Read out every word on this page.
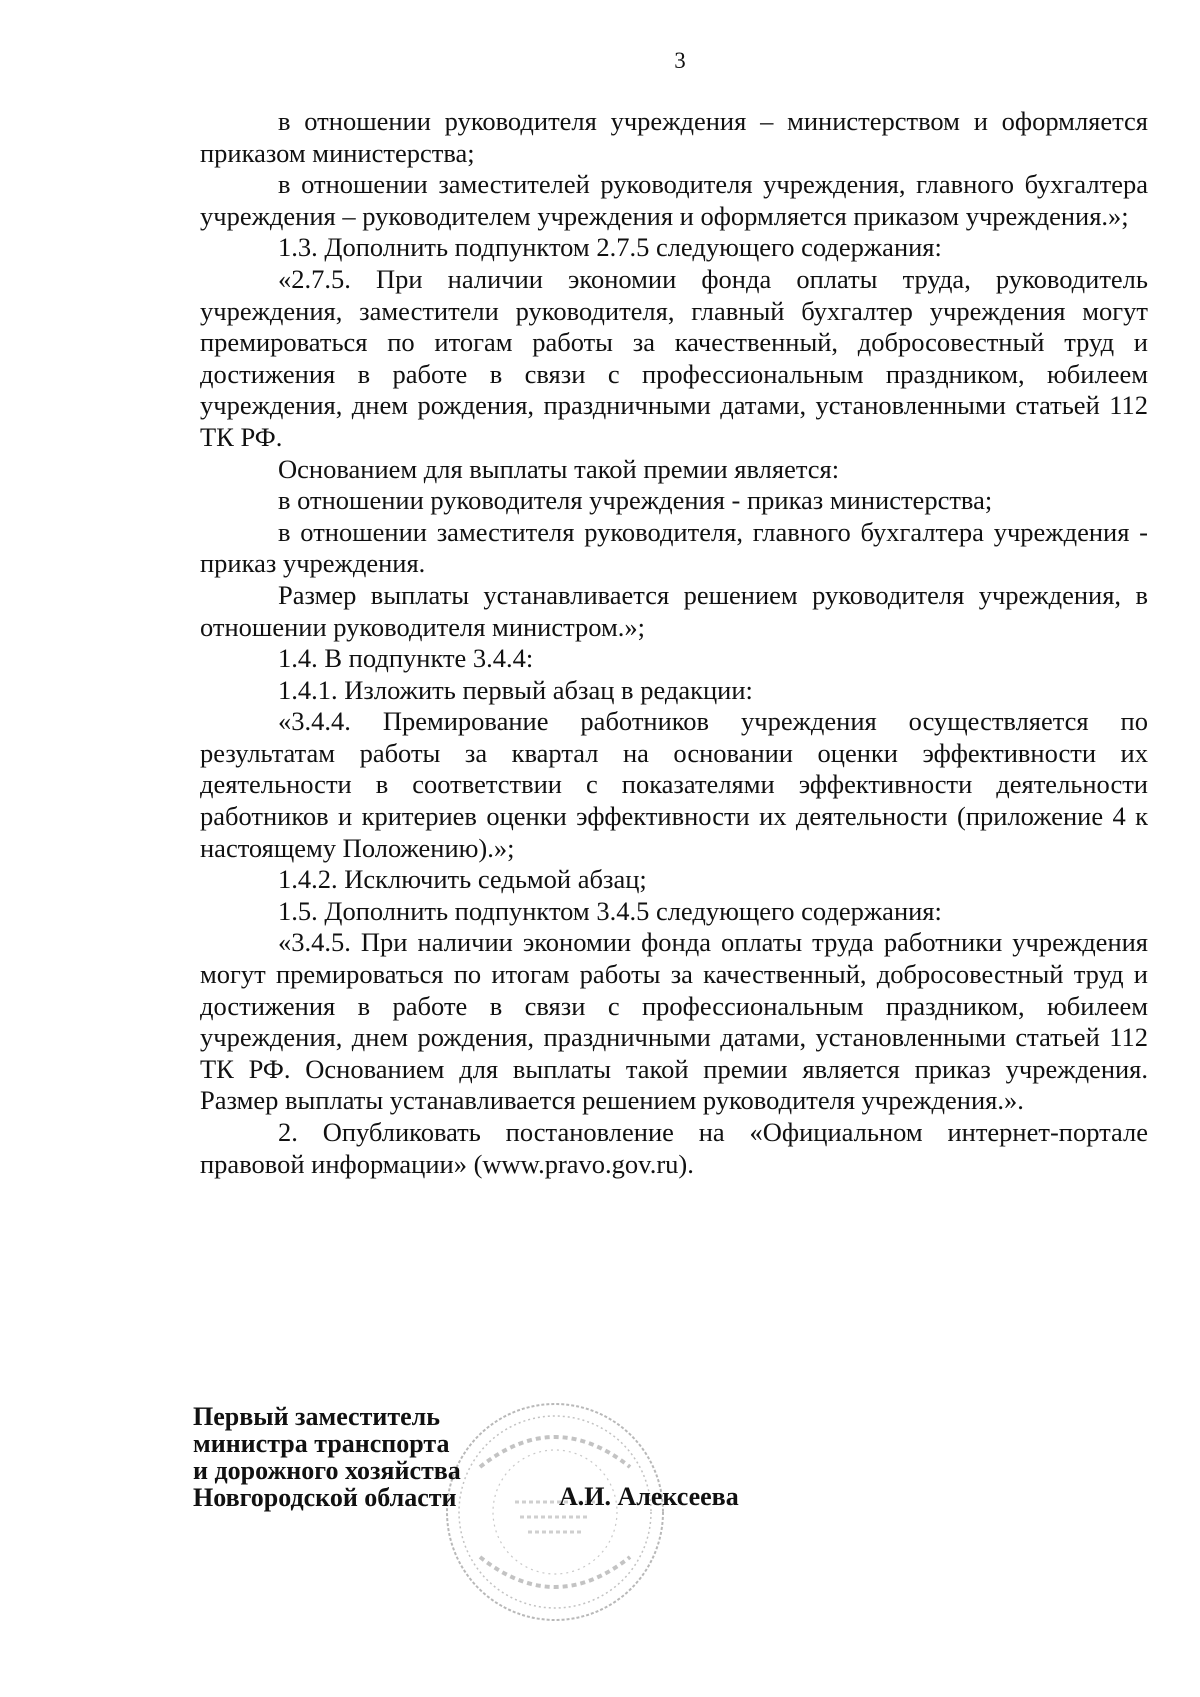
3

в отношении руководителя учреждения – министерством и оформляется приказом министерства;

в отношении заместителей руководителя учреждения, главного бухгалтера учреждения – руководителем учреждения и оформляется приказом учреждения.»;

1.3. Дополнить подпунктом 2.7.5 следующего содержания:

«2.7.5. При наличии экономии фонда оплаты труда, руководитель учреждения, заместители руководителя, главный бухгалтер учреждения могут премироваться по итогам работы за качественный, добросовестный труд и достижения в работе в связи с профессиональным праздником, юбилеем учреждения, днем рождения, праздничными датами, установленными статьей 112 ТК РФ.

Основанием для выплаты такой премии является:

в отношении руководителя учреждения - приказ министерства;

в отношении заместителя руководителя, главного бухгалтера учреждения - приказ учреждения.

Размер выплаты устанавливается решением руководителя учреждения, в отношении руководителя министром.»;

1.4. В подпункте 3.4.4:

1.4.1. Изложить первый абзац в редакции:

«3.4.4. Премирование работников учреждения осуществляется по результатам работы за квартал на основании оценки эффективности их деятельности в соответствии с показателями эффективности деятельности работников и критериев оценки эффективности их деятельности (приложение 4 к настоящему Положению).»;

1.4.2. Исключить седьмой абзац;

1.5. Дополнить подпунктом 3.4.5 следующего содержания:

«3.4.5. При наличии экономии фонда оплаты труда работники учреждения могут премироваться по итогам работы за качественный, добросовестный труд и достижения в работе в связи с профессиональным праздником, юбилеем учреждения, днем рождения, праздничными датами, установленными статьей 112 ТК РФ. Основанием для выплаты такой премии является приказ учреждения. Размер выплаты устанавливается решением руководителя учреждения.».

2. Опубликовать постановление на «Официальном интернет-портале правовой информации» (www.pravo.gov.ru).

Первый заместитель
министра транспорта
и дорожного хозяйства
Новгородской области	А.И. Алексеева
